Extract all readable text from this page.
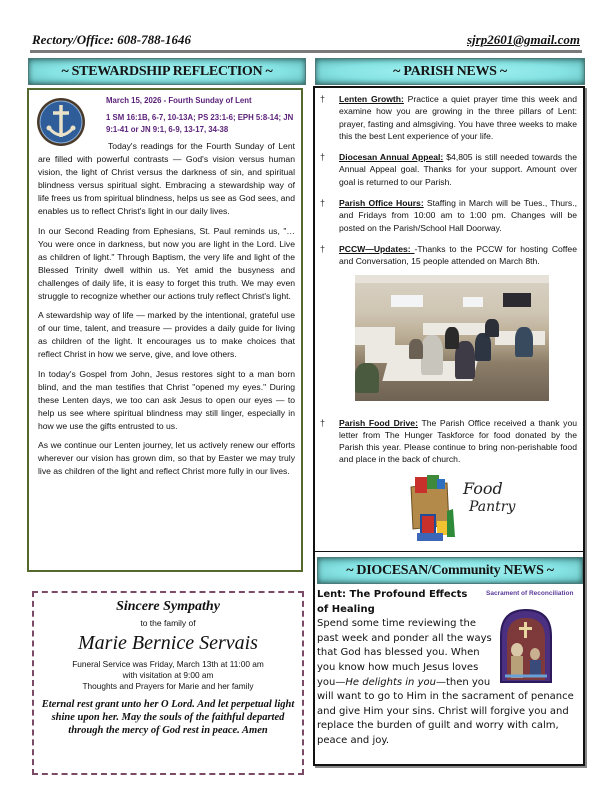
Rectory/Office: 608-788-1646	sjrp2601@gmail.com
~ STEWARDSHIP REFLECTION ~
March 15, 2026 - Fourth Sunday of Lent
1 SM 16:1B, 6-7, 10-13A; PS 23:1-6; EPH 5:8-14; JN 9:1-41 or JN 9:1, 6-9, 13-17, 34-38

Today's readings for the Fourth Sunday of Lent are filled with powerful contrasts — God's vision versus human vision, the light of Christ versus the darkness of sin, and spiritual blindness versus spiritual sight. Embracing a stewardship way of life frees us from spiritual blindness, helps us see as God sees, and enables us to reflect Christ's light in our daily lives.

In our Second Reading from Ephesians, St. Paul reminds us, "… You were once in darkness, but now you are light in the Lord. Live as children of light." Through Baptism, the very life and light of the Blessed Trinity dwell within us. Yet amid the busyness and challenges of daily life, it is easy to forget this truth. We may even struggle to recognize whether our actions truly reflect Christ's light.

A stewardship way of life — marked by the intentional, grateful use of our time, talent, and treasure — provides a daily guide for living as children of the light. It encourages us to make choices that reflect Christ in how we serve, give, and love others.

In today's Gospel from John, Jesus restores sight to a man born blind, and the man testifies that Christ "opened my eyes." During these Lenten days, we too can ask Jesus to open our eyes — to help us see where spiritual blindness may still linger, especially in how we use the gifts entrusted to us.

As we continue our Lenten journey, let us actively renew our efforts wherever our vision has grown dim, so that by Easter we may truly live as children of the light and reflect Christ more fully in our lives.

Sincere Sympathy
to the family of
Marie Bernice Servais
Funeral Service was Friday, March 13th at 11:00 am
with visitation at 9:00 am
Thoughts and Prayers for Marie and her family
Eternal rest grant unto her O Lord. And let perpetual light shine upon her. May the souls of the faithful departed through the mercy of God rest in peace. Amen
~ PARISH NEWS ~
† Lenten Growth: Practice a quiet prayer time this week and examine how you are growing in the three pillars of Lent: prayer, fasting and almsgiving. You have three weeks to make this the best Lent experience of your life.
† Diocesan Annual Appeal: $4,805 is still needed towards the Annual Appeal goal. Thanks for your support. Amount over goal is returned to our Parish.
† Parish Office Hours: Staffing in March will be Tues., Thurs., and Fridays from 10:00 am to 1:00 pm. Changes will be posted on the Parish/School Hall Doorway.
† PCCW—Updates: -Thanks to the PCCW for hosting Coffee and Conversation, 15 people attended on March 8th.
† Parish Food Drive: The Parish Office received a thank you letter from The Hunger Taskforce for food donated by the Parish this year. Please continue to bring non-perishable food and place in the back of church.
Food
Pantry
~ DIOCESAN/Community NEWS ~
Sacrament of Reconciliation
Lent: The Profound Effects of Healing
Spend some time reviewing the past week and ponder all the ways that God has blessed you. When you know how much Jesus loves you—He delights in you—then you will want to go to Him in the sacrament of penance and give Him your sins. Christ will forgive you and replace the burden of guilt and worry with calm, peace and joy.
